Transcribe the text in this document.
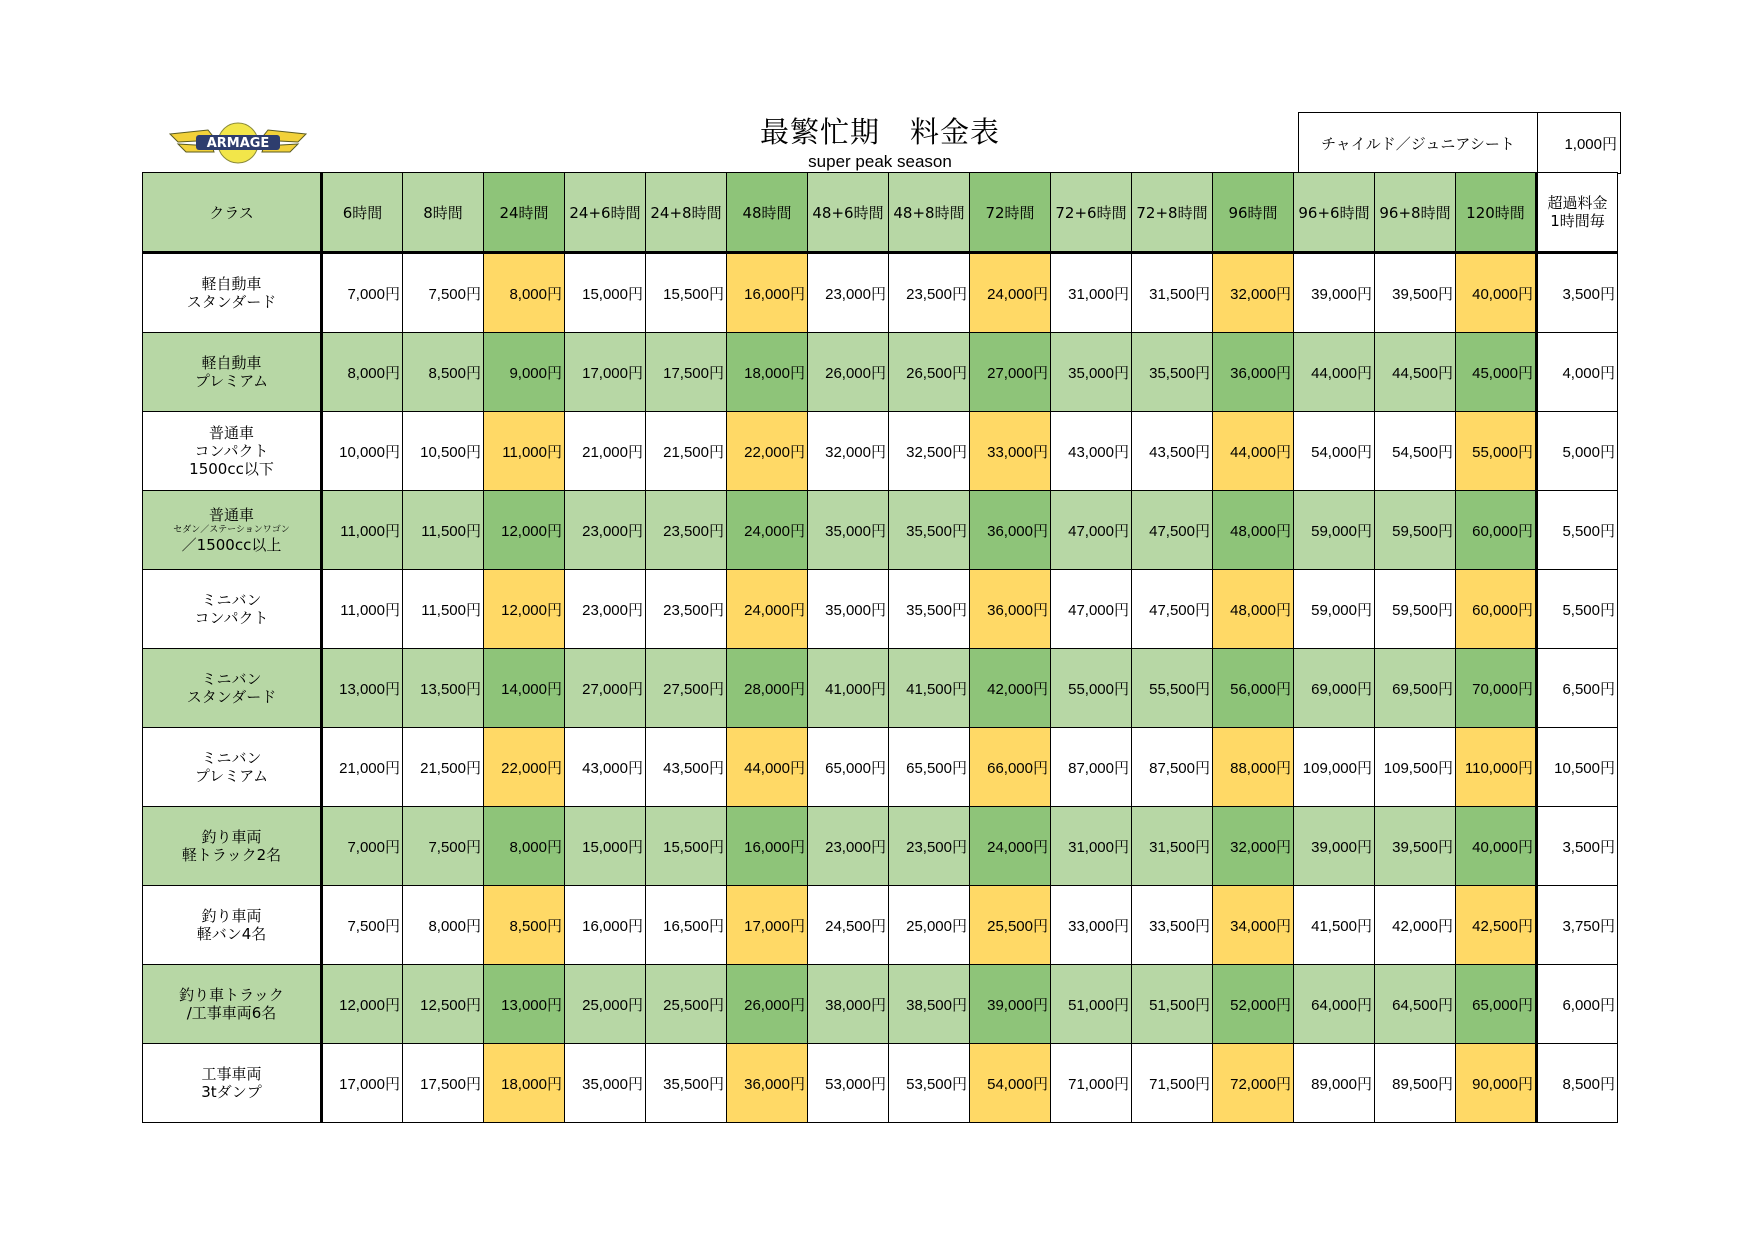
ARMAGE	最繁忙期　料金表
super peak season
チャイルド／ジュニアシート	1,000円
クラス	6時間	8時間	24時間	24+6時間	24+8時間	48時間	48+6時間	48+8時間	72時間	72+6時間	72+8時間	96時間	96+6時間	96+8時間	120時間	超過料金
1時間毎
軽自動車
スタンダード	7,000円	7,500円	8,000円	15,000円	15,500円	16,000円	23,000円	23,500円	24,000円	31,000円	31,500円	32,000円	39,000円	39,500円	40,000円	3,500円
軽自動車
プレミアム	8,000円	8,500円	9,000円	17,000円	17,500円	18,000円	26,000円	26,500円	27,000円	35,000円	35,500円	36,000円	44,000円	44,500円	45,000円	4,000円
普通車
コンパクト
1500cc以下	10,000円	10,500円	11,000円	21,000円	21,500円	22,000円	32,000円	32,500円	33,000円	43,000円	43,500円	44,000円	54,000円	54,500円	55,000円	5,000円
普通車

セダン／ステーションワゴン
／1500cc以上	11,000円	11,500円	12,000円	23,000円	23,500円	24,000円	35,000円	35,500円	36,000円	47,000円	47,500円	48,000円	59,000円	59,500円	60,000円	5,500円
ミニバン
コンパクト	11,000円	11,500円	12,000円	23,000円	23,500円	24,000円	35,000円	35,500円	36,000円	47,000円	47,500円	48,000円	59,000円	59,500円	60,000円	5,500円
ミニバン
スタンダード	13,000円	13,500円	14,000円	27,000円	27,500円	28,000円	41,000円	41,500円	42,000円	55,000円	55,500円	56,000円	69,000円	69,500円	70,000円	6,500円
ミニバン
プレミアム	21,000円	21,500円	22,000円	43,000円	43,500円	44,000円	65,000円	65,500円	66,000円	87,000円	87,500円	88,000円	109,000円	109,500円	110,000円	10,500円
釣り車両
軽トラック2名	7,000円	7,500円	8,000円	15,000円	15,500円	16,000円	23,000円	23,500円	24,000円	31,000円	31,500円	32,000円	39,000円	39,500円	40,000円	3,500円
釣り車両
軽バン4名	7,500円	8,000円	8,500円	16,000円	16,500円	17,000円	24,500円	25,000円	25,500円	33,000円	33,500円	34,000円	41,500円	42,000円	42,500円	3,750円
釣り車トラック
/工事車両6名	12,000円	12,500円	13,000円	25,000円	25,500円	26,000円	38,000円	38,500円	39,000円	51,000円	51,500円	52,000円	64,000円	64,500円	65,000円	6,000円
工事車両
3tダンプ	17,000円	17,500円	18,000円	35,000円	35,500円	36,000円	53,000円	53,500円	54,000円	71,000円	71,500円	72,000円	89,000円	89,500円	90,000円	8,500円
